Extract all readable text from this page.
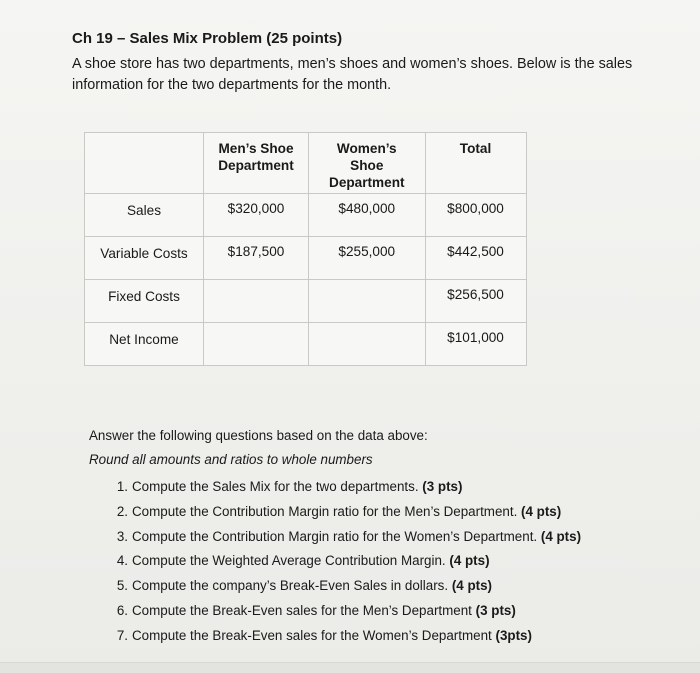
Ch 19 – Sales Mix Problem (25 points)

A shoe store has two departments, men’s shoes and women’s shoes. Below is the sales information for the two departments for the month.

	Men’s Shoe Department	Women’s Shoe Department	Total

Sales	$320,000	$480,000	$800,000

Variable Costs	$187,500	$255,000	$442,500

Fixed Costs			$256,500

Net Income			$101,000

Answer the following questions based on the data above:

Round all amounts and ratios to whole numbers

1. Compute the Sales Mix for the two departments. (3 pts)
2. Compute the Contribution Margin ratio for the Men’s Department. (4 pts)
3. Compute the Contribution Margin ratio for the Women’s Department. (4 pts)
4. Compute the Weighted Average Contribution Margin. (4 pts)
5. Compute the company’s Break-Even Sales in dollars. (4 pts)
6. Compute the Break-Even sales for the Men’s Department (3 pts)
7. Compute the Break-Even sales for the Women’s Department (3pts)
